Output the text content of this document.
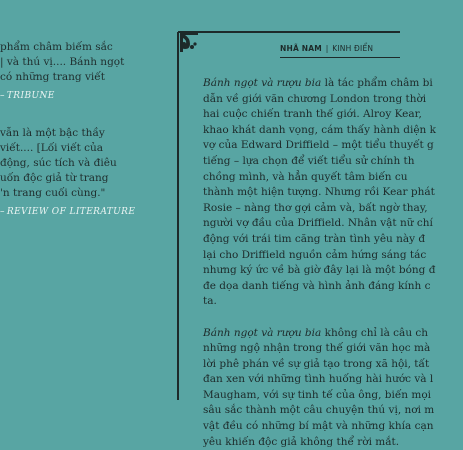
phẩm châm biếm sắc

| và thú vị.... Bánh ngọt

có những trang viết

– TRIBUNE

vẫn là một bậc thầy

viết.... [Lối viết của

động, súc tích và điêu

uốn độc giả từ trang

'n trang cuối cùng."

– REVIEW OF LITERATURE

NHÃ NAM | KINH ĐIỂN

Bánh ngọt và rượu bia là tác phẩm châm bi

dẫn về giới văn chương London trong thời

hai cuộc chiến tranh thế giới. Alroy Kear,

khao khát danh vọng, cám thấy hành diện k

vợ của Edward Driffield – một tiểu thuyết g

tiếng – lựa chọn để viết tiểu sử chính th

chồng mình, và hẳn quyết tâm biến cu

thành một hiện tượng. Nhưng rồi Kear phát

Rosie – nàng thơ gợi cảm và, bất ngờ thay,

người vợ đầu của Driffield. Nhân vật nữ chí

động với trái tim căng tràn tình yêu này đ

lại cho Driffield nguồn cảm hứng sáng tác

nhưng ký ức về bà giờ đây lại là một bóng đ

đe dọa danh tiếng và hình ảnh đáng kính c

ta.

Bánh ngọt và rượu bia không chỉ là câu ch

những ngộ nhận trong thế giới văn học mà

lời phê phán về sự giả tạo trong xã hội, tất

đan xen với những tình huống hài hước và l

Maugham, với sự tinh tế của ông, biến mọi

sâu sắc thành một câu chuyện thú vị, nơi m

vật đều có những bí mật và những khía cạn

yêu khiến độc giả không thể rời mắt.
